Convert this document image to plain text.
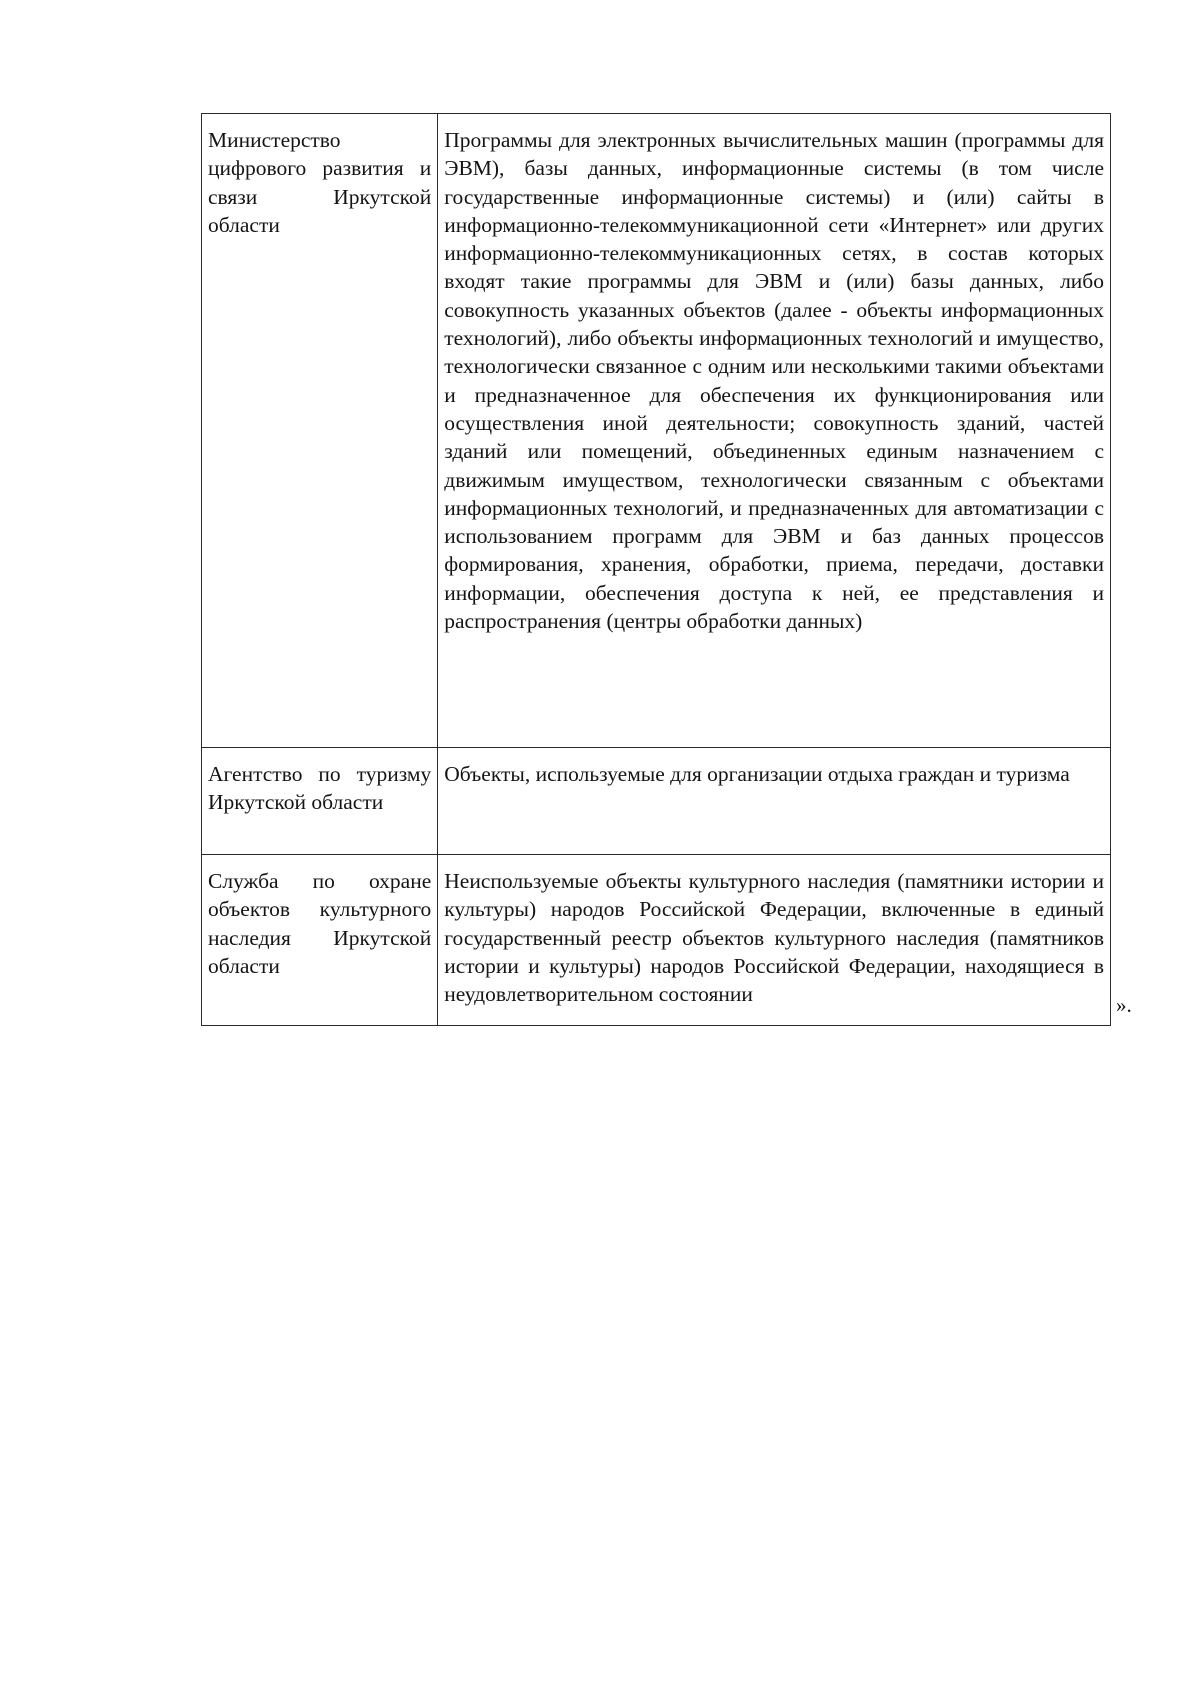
Министерство цифрового развития и связи Иркутской области	Программы для электронных вычислительных машин (программы для ЭВМ), базы данных, информационные системы (в том числе государственные информационные системы) и (или) сайты в информационно-телекоммуникационной сети «Интернет» или других информационно-телекоммуникационных сетях, в состав которых входят такие программы для ЭВМ и (или) базы данных, либо совокупность указанных объектов (далее - объекты информационных технологий), либо объекты информационных технологий и имущество, технологически связанное с одним или несколькими такими объектами и предназначенное для обеспечения их функционирования или осуществления иной деятельности; совокупность зданий, частей зданий или помещений, объединенных единым назначением с движимым имуществом, технологически связанным с объектами информационных технологий, и предназначенных для автоматизации с использованием программ для ЭВМ и баз данных процессов формирования, хранения, обработки, приема, передачи, доставки информации, обеспечения доступа к ней, ее представления и распространения (центры обработки данных)
Агентство по туризму Иркутской области	Объекты, используемые для организации отдыха граждан и туризма
Служба по охране объектов культурного наследия Иркутской области	Неиспользуемые объекты культурного наследия (памятники истории и культуры) народов Российской Федерации, включенные в единый государственный реестр объектов культурного наследия (памятников истории и культуры) народов Российской Федерации, находящиеся в неудовлетворительном состоянии	».
